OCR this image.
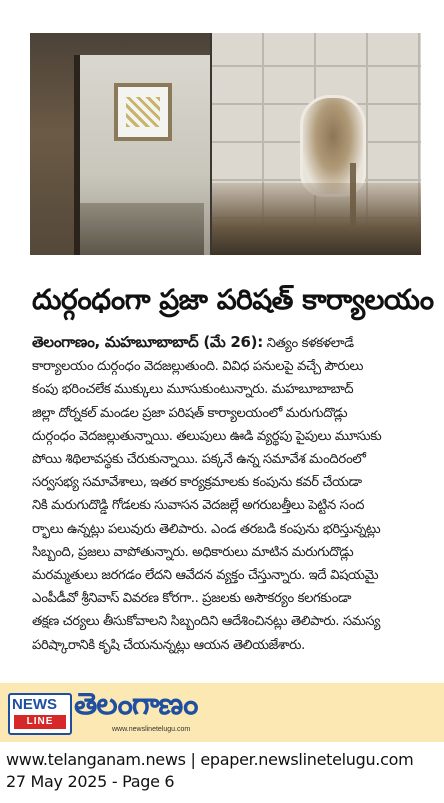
దుర్గంధంగా ప్రజా పరిషత్ కార్యాలయం
తెలంగాణం, మహబూబాబాద్ (మే 26): నిత్యం కళకళలాడే
కార్యాలయం దుర్గంధం వెదజల్లుతుంది. వివిధ పనులపై వచ్చే పౌరులు
కంపు భరించలేక ముక్కులు మూసుకుంటున్నారు. మహబూబాబాద్
జిల్లా దోర్నకల్ మండల ప్రజా పరిషత్ కార్యాలయంలో మరుగుదొడ్లు
దుర్గంధం వెదజల్లుతున్నాయి. తలుపులు ఊడి వ్యర్థపు పైపులు మూసుకు
పోయి శిథిలావస్థకు చేరుకున్నాయి. పక్కనే ఉన్న సమావేశ మందిరంలో
సర్వసభ్య సమావేశాలు, ఇతర కార్యక్రమాలకు కంపును కవర్ చేయడా
నికి మరుగుదొడ్డి గోడలకు సువాసన వెదజల్లే అగరుబత్తీలు పెట్టిన సంద
ర్భాలు ఉన్నట్లు పలువురు తెలిపారు. ఎండ తరబడి కంపును భరిస్తున్నట్లు
సిబ్బంది, ప్రజలు వాపోతున్నారు. అధికారులు మాటిన మరుగుదొడ్లు
మరమ్మతులు జరగడం లేదని ఆవేదన వ్యక్తం చేస్తున్నారు. ఇదే విషయమై
ఎంపీడీవో శ్రీనివాస్ వివరణ కోరగా.. ప్రజలకు అసౌకర్యం కలగకుండా
తక్షణ చర్యలు తీసుకోవాలని సిబ్బందిని ఆదేశించినట్లు తెలిపారు. సమస్య
పరిష్కారానికి కృషి చేయనున్నట్లు ఆయన తెలియజేశారు.
NEWS
LINE తెలంగాణం
www.newslinetelugu.com
www.telanganam.news | epaper.newslinetelugu.com
27 May 2025 - Page 6
